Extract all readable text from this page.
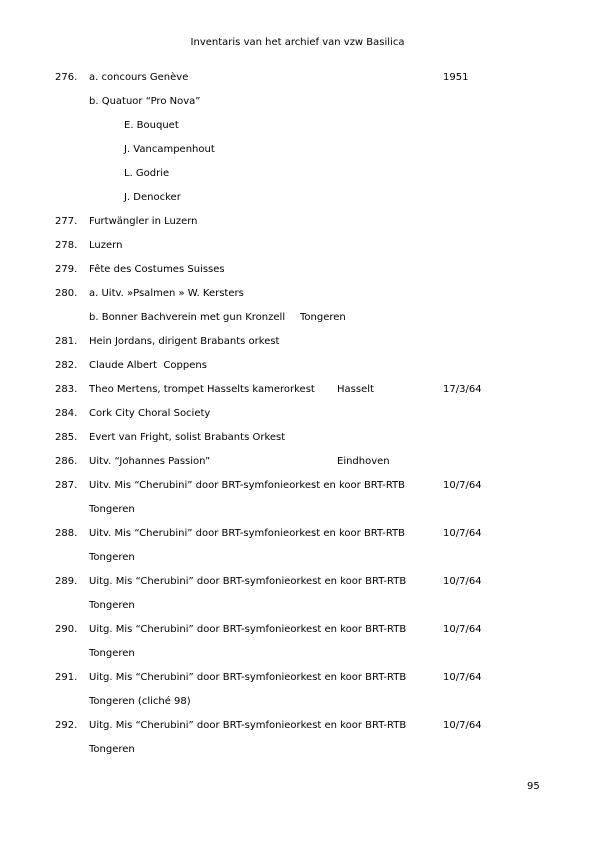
Inventaris van het archief van vzw Basilica
276. a. concours Genève	1951
b. Quatuor “Pro Nova”
E. Bouquet
J. Vancampenhout
L. Godrie
J. Denocker
277. Furtwängler in Luzern
278. Luzern
279. Fête des Costumes Suisses
280. a. Uitv. »Psalmen » W. Kersters
b. Bonner Bachverein met gun Kronzell Tongeren
281. Hein Jordans, dirigent Brabants orkest
282. Claude Albert  Coppens
283. Theo Mertens, trompet Hasselts kamerorkest Hasselt	17/3/64
284. Cork City Choral Society
285. Evert van Fright, solist Brabants Orkest
286. Uitv. “Johannes Passion”	Eindhoven
287. Uitv. Mis “Cherubini” door BRT-symfonieorkest en koor BRT-RTB	10/7/64
Tongeren
288. Uitv. Mis “Cherubini” door BRT-symfonieorkest en koor BRT-RTB	10/7/64
Tongeren
289. Uitg. Mis “Cherubini” door BRT-symfonieorkest en koor BRT-RTB	10/7/64
Tongeren
290. Uitg. Mis “Cherubini” door BRT-symfonieorkest en koor BRT-RTB	10/7/64
Tongeren
291. Uitg. Mis “Cherubini” door BRT-symfonieorkest en koor BRT-RTB	10/7/64
Tongeren (cliché 98)
292. Uitg. Mis “Cherubini” door BRT-symfonieorkest en koor BRT-RTB	10/7/64
Tongeren
95
